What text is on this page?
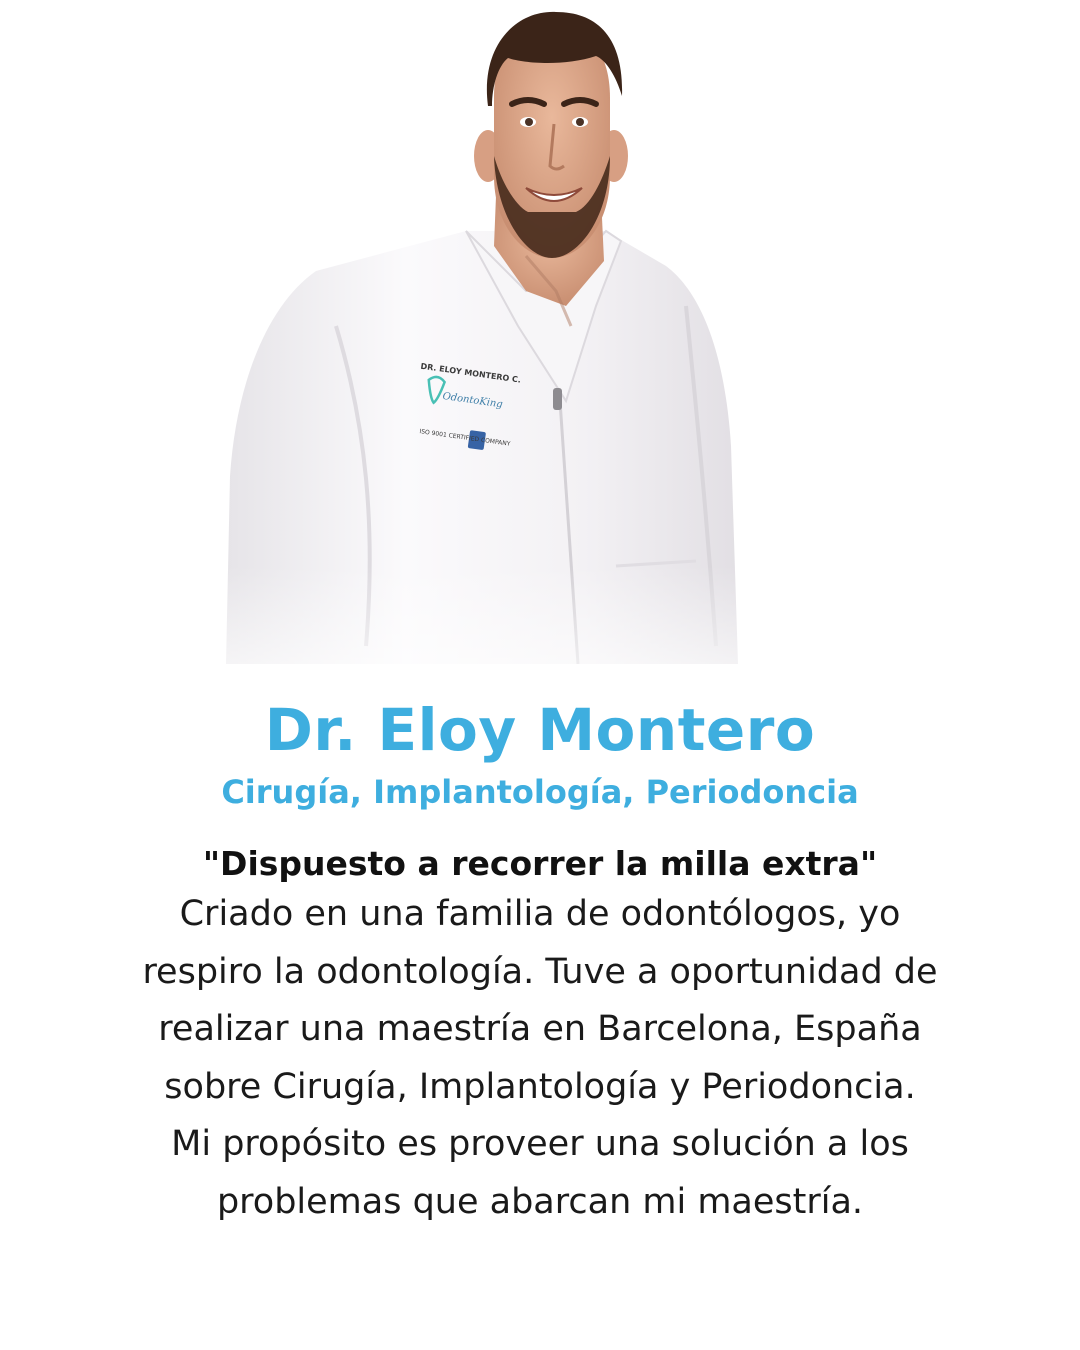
Dr. Eloy Montero
Cirugía, Implantología, Periodoncia
"Dispuesto a recorrer la milla extra"

Criado en una familia de odontólogos, yo
respiro la odontología. Tuve a oportunidad de
realizar una maestría en Barcelona, España
sobre Cirugía, Implantología y Periodoncia.
Mi propósito es proveer una solución a los
problemas que abarcan mi maestría.
